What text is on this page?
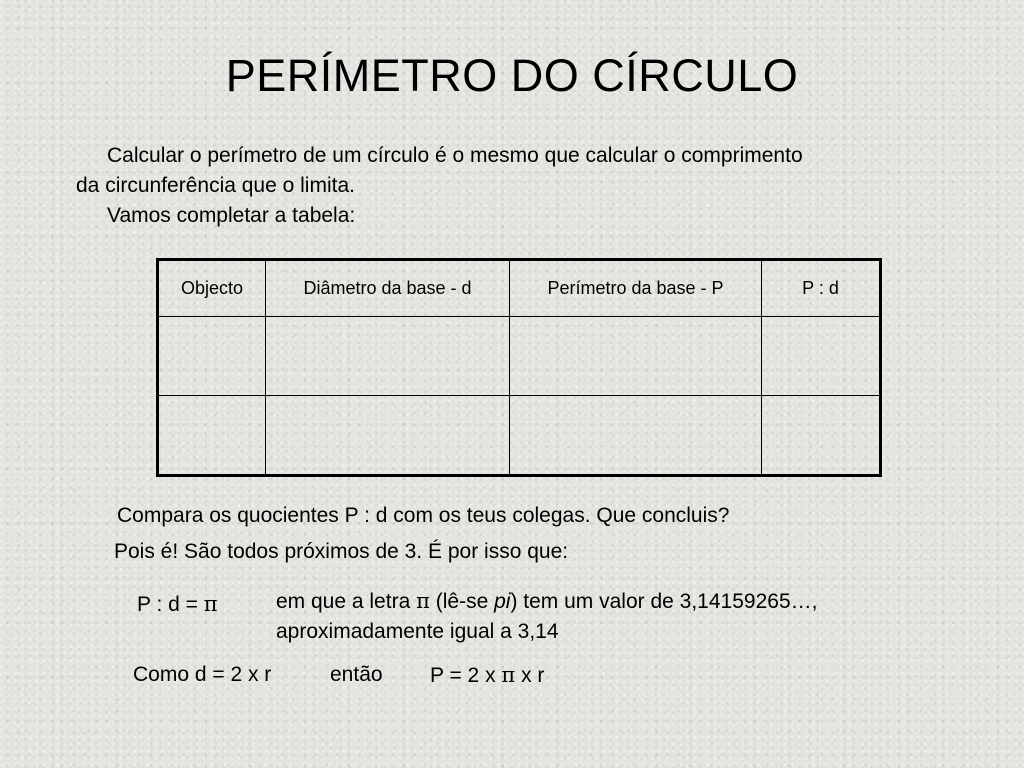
PERÍMETRO DO CÍRCULO
Calcular o perímetro de um círculo é o mesmo que calcular o comprimento
da circunferência que o limita.
Vamos completar a tabela:
Objecto	Diâmetro da base - d	Perímetro da base - P	P : d

Compara os quocientes P : d com os teus colegas. Que concluis?
Pois é! São todos próximos de 3. É por isso que:
P : d = π	em que a letra π (lê-se pi) tem um valor de 3,14159265…,
aproximadamente igual a 3,14
Como d = 2 x r	então P = 2 x π x r
